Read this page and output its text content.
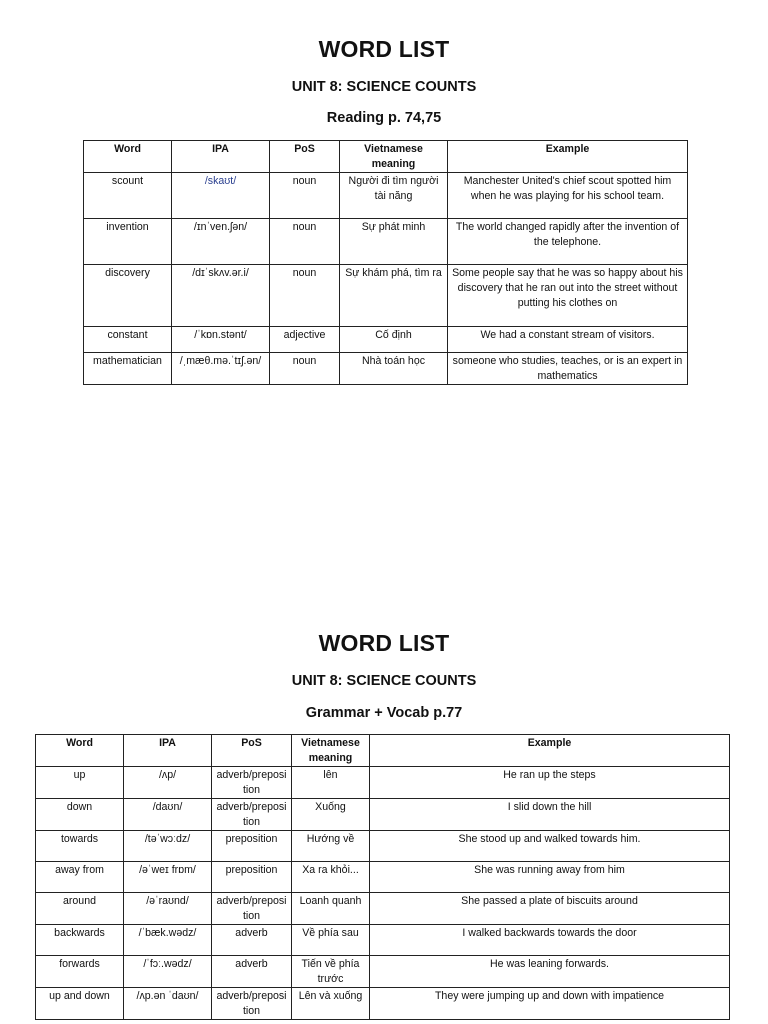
WORD LIST
UNIT 8: SCIENCE COUNTS
Reading p. 74,75
Word	IPA	PoS	Vietnamese meaning	Example
scount	/skaʊt/	noun	Người đi tìm người tài năng	Manchester United's chief scout spotted him when he was playing for his school team.
invention	/ɪnˈven.ʃən/	noun	Sự phát minh	The world changed rapidly after the invention of the telephone.
discovery	/dɪˈskʌv.ər.i/	noun	Sự khám phá, tìm ra	Some people say that he was so happy about his discovery that he ran out into the street without putting his clothes on
constant	/ˈkɒn.stənt/	adjective	Cố định	We had a constant stream of visitors.
mathematician	/ˌmæθ.mə.ˈtɪʃ.ən/	noun	Nhà toán học	someone who studies, teaches, or is an expert in mathematics
WORD LIST
UNIT 8: SCIENCE COUNTS
Grammar + Vocab p.77
Word	IPA	PoS	Vietnamese meaning	Example
up	/ʌp/	adverb/preposition	lên	He ran up the steps
down	/daʊn/	adverb/preposition	Xuống	I slid down the hill
towards	/təˈwɔːdz/	preposition	Hướng về	She stood up and walked towards him.
away from	/əˈweɪ frɒm/	preposition	Xa ra khỏi...	She was running away from him
around	/əˈraʊnd/	adverb/preposition	Loanh quanh	She passed a plate of biscuits around
backwards	/ˈbæk.wədz/	adverb	Về phía sau	I walked backwards towards the door
forwards	/ˈfɔː.wədz/	adverb	Tiến về phía trước	He was leaning forwards.
up and down	/ʌp.ən ˈdaʊn/	adverb/preposition	Lên và xuống	They were jumping up and down with impatience
